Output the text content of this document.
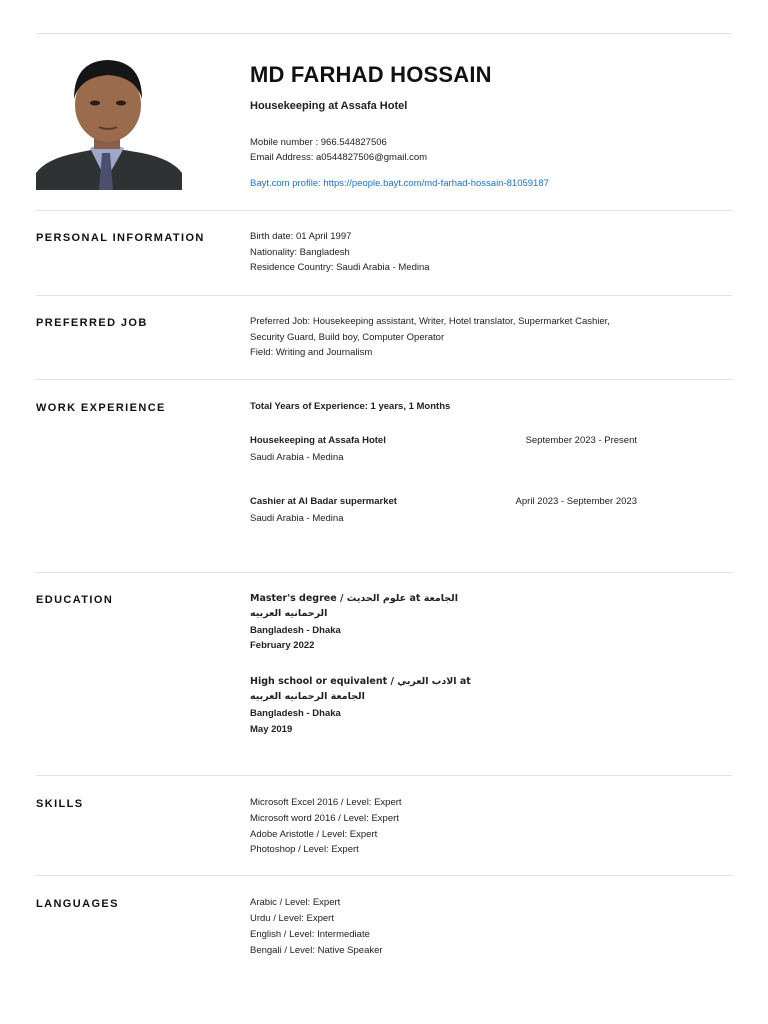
MD FARHAD HOSSAIN
Housekeeping at Assafa Hotel
Mobile number : 966.544827506
Email Address: a0544827506@gmail.com
Bayt.com profile: https://people.bayt.com/md-farhad-hossain-81059187
PERSONAL INFORMATION	Birth date: 01 April 1997
Nationality: Bangladesh
Residence Country: Saudi Arabia - Medina
PREFERRED JOB	Preferred Job: Housekeeping assistant, Writer, Hotel translator, Supermarket Cashier,
Security Guard, Build boy, Computer Operator
Field: Writing and Journalism
WORK EXPERIENCE	Total Years of Experience: 1 years, 1 Months
Housekeeping at Assafa Hotel	September 2023 - Present
Saudi Arabia - Medina
Cashier at Al Badar supermarket	April 2023 - September 2023
Saudi Arabia - Medina
EDUCATION	Master's degree / علوم الحديث at الجامعة
الرحمانيه العربيه
Bangladesh - Dhaka
February 2022
High school or equivalent / الادب العربي at
الجامعة الرحمانيه العربيه
Bangladesh - Dhaka
May 2019
SKILLS	Microsoft Excel 2016 / Level: Expert
Microsoft word 2016 / Level: Expert
Adobe Aristotle / Level: Expert
Photoshop / Level: Expert
LANGUAGES	Arabic / Level: Expert
Urdu / Level: Expert
English / Level: Intermediate
Bengali / Level: Native Speaker
